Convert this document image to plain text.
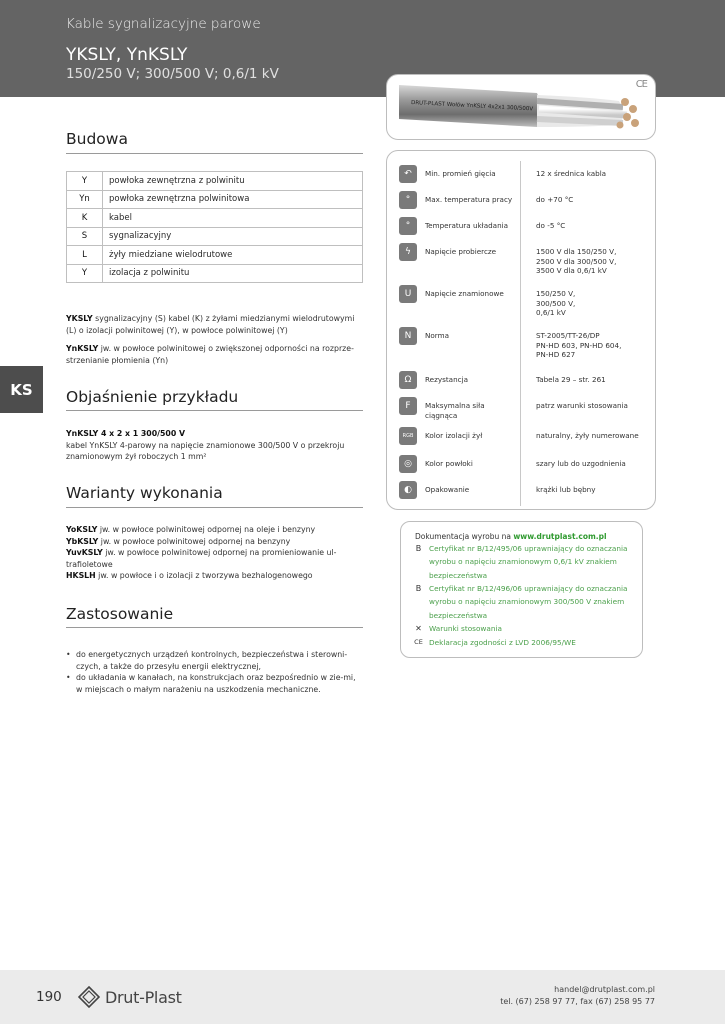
Kable sygnalizacyjne parowe
YKSLY, YnKSLY
150/250 V; 300/500 V; 0,6/1 kV
DRUT-PLAST Wołów YnKSLY 4x2x1 300/500V
CE
KS
Budowa
Y	powłoka zewnętrzna z polwinitu
Yn	powłoka zewnętrzna polwinitowa
K	kabel
S	sygnalizacyjny
L	żyły miedziane wielodrutowe
Y	izolacja z polwinitu
YKSLY sygnalizacyjny (S) kabel (K) z żyłami miedzianymi wielodrutowymi (L) o izolacji polwinitowej (Y), w powłoce polwinitowej (Y)
YnKSLY jw. w powłoce polwinitowej o zwiększonej odporności na rozprze-strzenianie płomienia (Yn)
Objaśnienie przykładu
YnKSLY 4 x 2 x 1 300/500 V
kabel YnKSLY 4-parowy na napięcie znamionowe 300/500 V o przekroju znamionowym żył roboczych 1 mm²
Warianty wykonania
YoKSLY jw. w powłoce polwinitowej odpornej na oleje i benzyny
YbKSLY jw. w powłoce polwinitowej odpornej na benzyny
YuvKSLY jw. w powłoce polwinitowej odpornej na promieniowanie ul-trafioletowe
HKSLH jw. w powłoce i o izolacji z tworzywa bezhalogenowego
Zastosowanie
• do energetycznych urządzeń kontrolnych, bezpieczeństwa i sterowni-czych, a także do przesyłu energii elektrycznej,
• do układania w kanałach, na konstrukcjach oraz bezpośrednio w zie-mi, w miejscach o małym narażeniu na uszkodzenia mechaniczne.
↶	Min. promień gięcia	12 x średnica kabla
°	Max. temperatura pracy	do +70 °C
°	Temperatura układania	do -5 °C
ϟ	Napięcie probiercze	1500 V dla 150/250 V,
2500 V dla 300/500 V,
3500 V dla 0,6/1 kV
U	Napięcie znamionowe	150/250 V,
300/500 V,
0,6/1 kV
N	Norma	ST-2005/TT-26/DP
PN-HD 603, PN-HD 604,
PN-HD 627
Ω	Rezystancja	Tabela 29 – str. 261
F	Maksymalna siła
ciągnąca
patrz warunki stosowania
RGB	Kolor izolacji żył	naturalny, żyły numerowane
◎	Kolor powłoki	szary lub do uzgodnienia
◐	Opakowanie	krążki lub bębny
Dokumentacja wyrobu na www.drutplast.com.pl
B	Certyfikat nr B/12/495/06 uprawniający do oznaczania wyrobu o napięciu znamionowym 0,6/1 kV znakiem bezpieczeństwa
B	Certyfikat nr B/12/496/06 uprawniający do oznaczania wyrobu o napięciu znamionowym 300/500 V znakiem bezpieczeństwa
✕ Warunki stosowania
CE Deklaracja zgodności z LVD 2006/95/WE
190	Drut-Plast	handel@drutplast.com.pl
tel. (67) 258 97 77, fax (67) 258 95 77
